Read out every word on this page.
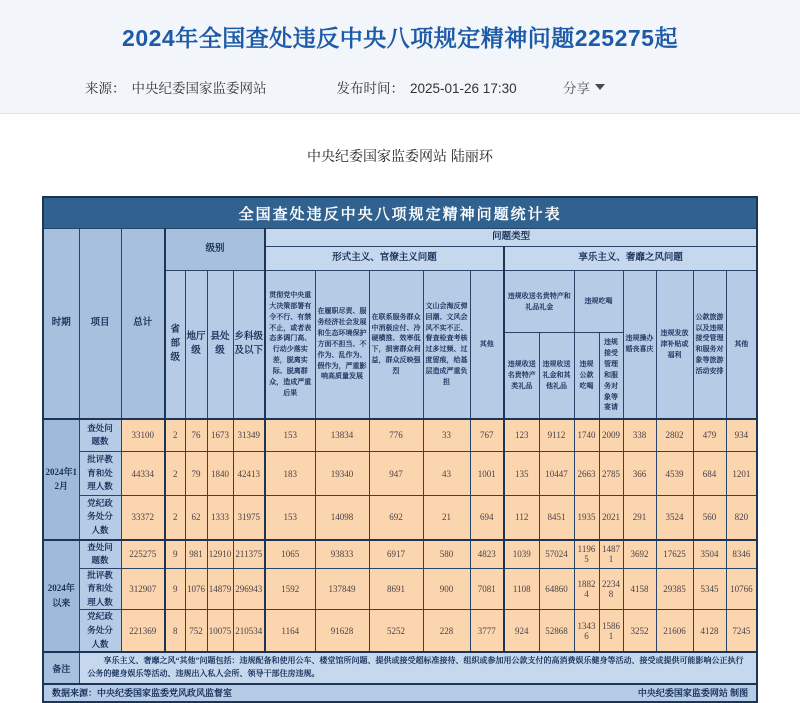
2024年全国查处违反中央八项规定精神问题225275起
来源： 中央纪委国家监委网站	发布时间： 2025-01-26 17:30	分享
中央纪委国家监委网站 陆丽环
全国查处违反中央八项规定精神问题统计表																			
时期	项目	总计	级别				问题类型												
							形式主义、官僚主义问题					享乐主义、奢靡之风问题							
			省部级	地厅级	县处级	乡科级及以下	贯彻党中央重大决策部署有令不行、有禁不止，或者表态多调门高、行动少落实差，脱离实际、脱离群众，造成严重后果	在履职尽责、服务经济社会发展和生态环境保护方面不担当、不作为、乱作为、假作为，严重影响高质量发展	在联系服务群众中消极应付、冷硬横推、效率低下，损害群众利益，群众反映强烈	文山会海反弹回潮、文风会风不实不正、督查检查考核过多过频、过度留痕，给基层造成严重负担	其他	违规收送名贵特产和礼品礼金		违规吃喝		违规操办婚丧喜庆	违规发放津补贴或福利	公款旅游以及违规接受管理和服务对象等旅游活动安排	其他
												违规收送名贵特产类礼品	违规收送礼金和其他礼品	违规公款吃喝	违规接受管理和服务对象等宴请				
2024年12月	查处问题数	33100	2	76	1673	31349	153	13834	776	33	767	123	9112	1740	2009	338	2802	479	934
	批评教育和处理人数	44334	2	79	1840	42413	183	19340	947	43	1001	135	10447	2663	2785	366	4539	684	1201
	党纪政务处分人数	33372	2	62	1333	31975	153	14098	692	21	694	112	8451	1935	2021	291	3524	560	820
2024年以来	查处问题数	225275	9	981	12910	211375	1065	93833	6917	580	4823	1039	57024	11965	14871	3692	17625	3504	8346
	批评教育和处理人数	312907	9	1076	14879	296943	1592	137849	8691	900	7081	1108	64860	18824	22348	4158	29385	5345	10766
	党纪政务处分人数	221369	8	752	10075	210534	1164	91628	5252	228	3777	924	52868	13436	15861	3252	21606	4128	7245
备注	享乐主义、奢靡之风“其他”问题包括：违规配备和使用公车、楼堂馆所问题、提供或接受超标准接待、组织或参加用公款支付的高消费娱乐健身等活动、接受或提供可能影响公正执行公务的健身娱乐等活动、违规出入私人会所、领导干部住房违规。																		

数据来源：中央纪委国家监委党风政风监督室 中央纪委国家监委网站 制图																			
